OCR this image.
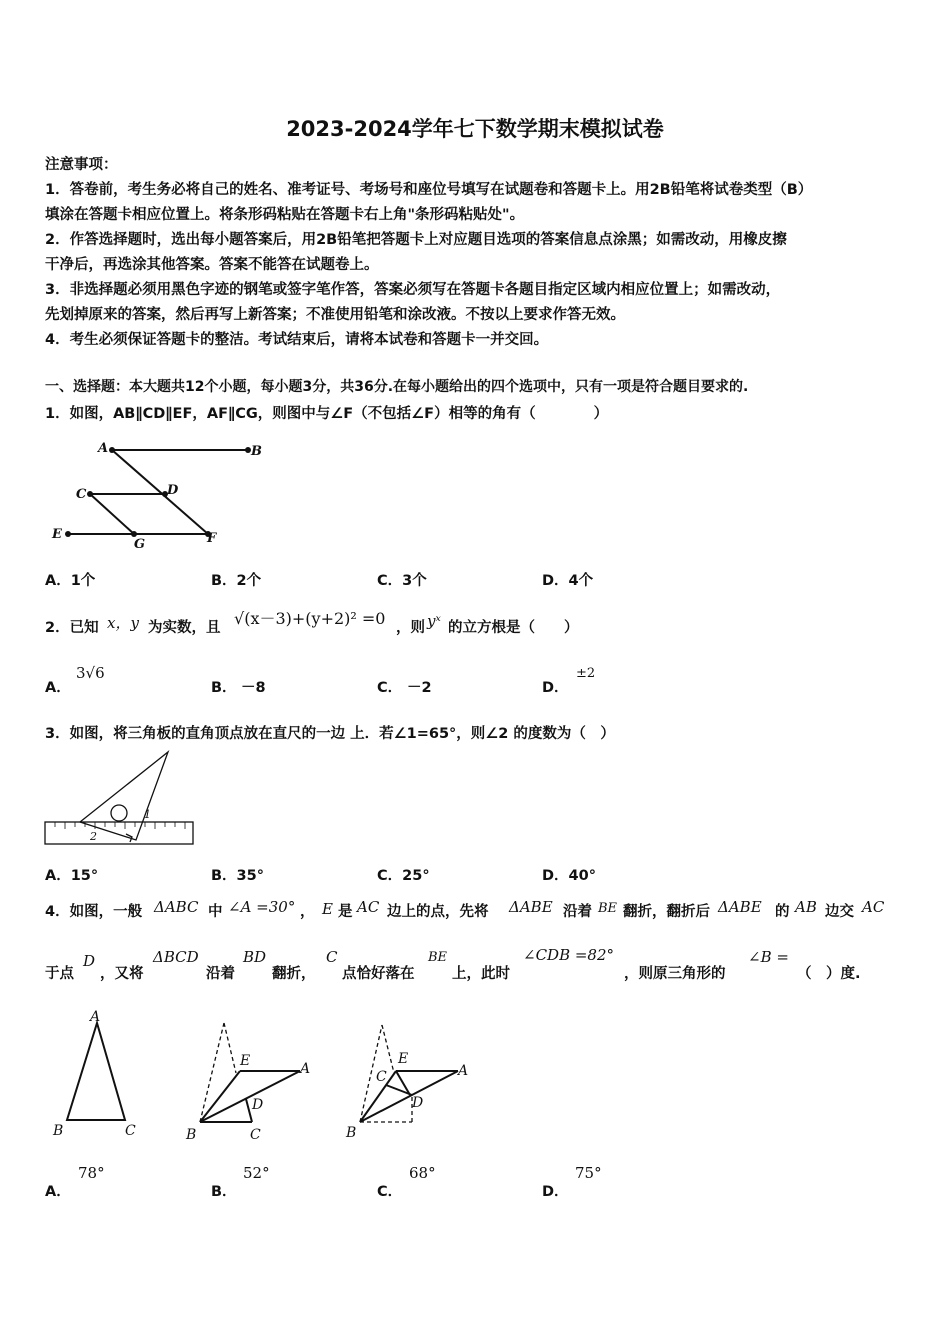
2023-2024学年七下数学期末模拟试卷
注意事项：
1．答卷前，考生务必将自己的姓名、准考证号、考场号和座位号填写在试题卷和答题卡上。用2B铅笔将试卷类型（B）
填涂在答题卡相应位置上。将条形码粘贴在答题卡右上角"条形码粘贴处"。
2．作答选择题时，选出每小题答案后，用2B铅笔把答题卡上对应题目选项的答案信息点涂黑；如需改动，用橡皮擦
干净后，再选涂其他答案。答案不能答在试题卷上。
3．非选择题必须用黑色字迹的钢笔或签字笔作答，答案必须写在答题卡各题目指定区域内相应位置上；如需改动，
先划掉原来的答案，然后再写上新答案；不准使用铅笔和涂改液。不按以上要求作答无效。
4．考生必须保证答题卡的整洁。考试结束后，请将本试卷和答题卡一并交回。
一、选择题：本大题共12个小题，每小题3分，共36分.在每小题给出的四个选项中，只有一项是符合题目要求的.
1．如图，AB∥CD∥EF，AF∥CG，则图中与∠F（不包括∠F）相等的角有（　　　　）
A	B
C	D
E
G	F
A．1个	B．2个	C．3个	D．4个
2．已知 x，y 为实数，且 √(x－3)+(y+2)² =0 ，则 yˣ 的立方根是（　　）
A．
3√6
B． －8	C． －2	D．
±2
3．如图，将三角板的直角顶点放在直尺的一边 上．若∠1=65°，则∠2 的度数为（　）
1
2
A．15°	B．35°	C．25°	D．40°
4．如图，一般 ΔABC 中 ∠A =30° ， E 是 AC 边上的点，先将 ΔABE 沿着 BE 翻折，翻折后 ΔABE 的 AB 边交 AC
于点
D
，又将
ΔBCD
沿着
BD
翻折，
C
点恰好落在
BE
上，此时
∠CDB =82°
，则原三角形的
∠B =
（　）度.
A
B	C
E	A
D
B	C
E
A
C
D
B
A．
78°
B．
52°
C．
68°
D．
75°
